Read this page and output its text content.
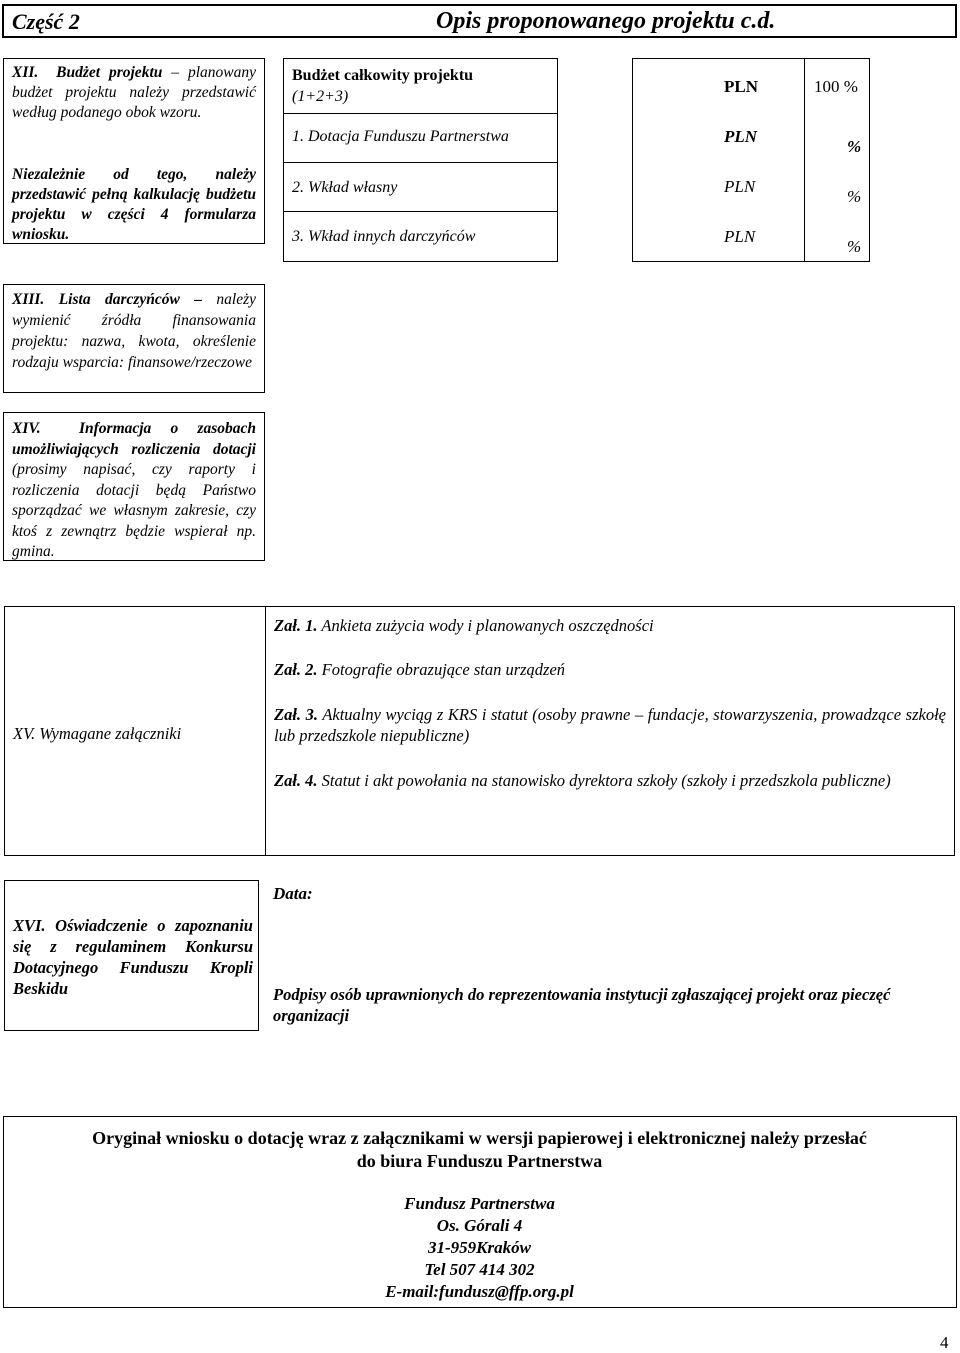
Część 2	Opis proponowanego projektu c.d.
XII. Budżet projektu – planowany budżet projektu należy przedstawić według podanego obok wzoru.
Niezależnie od tego, należy przedstawić pełną kalkulację budżetu projektu w części 4 formularza wniosku.
Budżet całkowity projektu
(1+2+3)
1. Dotacja Funduszu Partnerstwa
2. Wkład własny
3. Wkład innych darczyńców
PLN
PLN
PLN
PLN
100 %
%
%
%
XIII. Lista darczyńców – należy wymienić źródła finansowania projektu: nazwa, kwota, określenie rodzaju wsparcia: finansowe/rzeczowe
XIV. Informacja o zasobach umożliwiających rozliczenia dotacji (prosimy napisać, czy raporty i rozliczenia dotacji będą Państwo sporządzać we własnym zakresie, czy ktoś z zewnątrz będzie wspierał np. gmina.
XV. Wymagane załączniki
Zał. 1. Ankieta zużycia wody i planowanych oszczędności
Zał. 2. Fotografie obrazujące stan urządzeń
Zał. 3. Aktualny wyciąg z KRS i statut (osoby prawne – fundacje, stowarzyszenia, prowadzące szkołę lub przedszkole niepubliczne)
Zał. 4. Statut i akt powołania na stanowisko dyrektora szkoły (szkoły i przedszkola publiczne)
XVI. Oświadczenie o zapoznaniu się z regulaminem Konkursu Dotacyjnego Funduszu Kropli Beskidu
Data:
Podpisy osób uprawnionych do reprezentowania instytucji zgłaszającej projekt oraz pieczęć organizacji
Oryginał wniosku o dotację wraz z załącznikami w wersji papierowej i elektronicznej należy przesłać
do biura Funduszu Partnerstwa
Fundusz Partnerstwa
Os. Górali 4
31-959Kraków
Tel 507 414 302
E-mail:fundusz@ffp.org.pl
4
